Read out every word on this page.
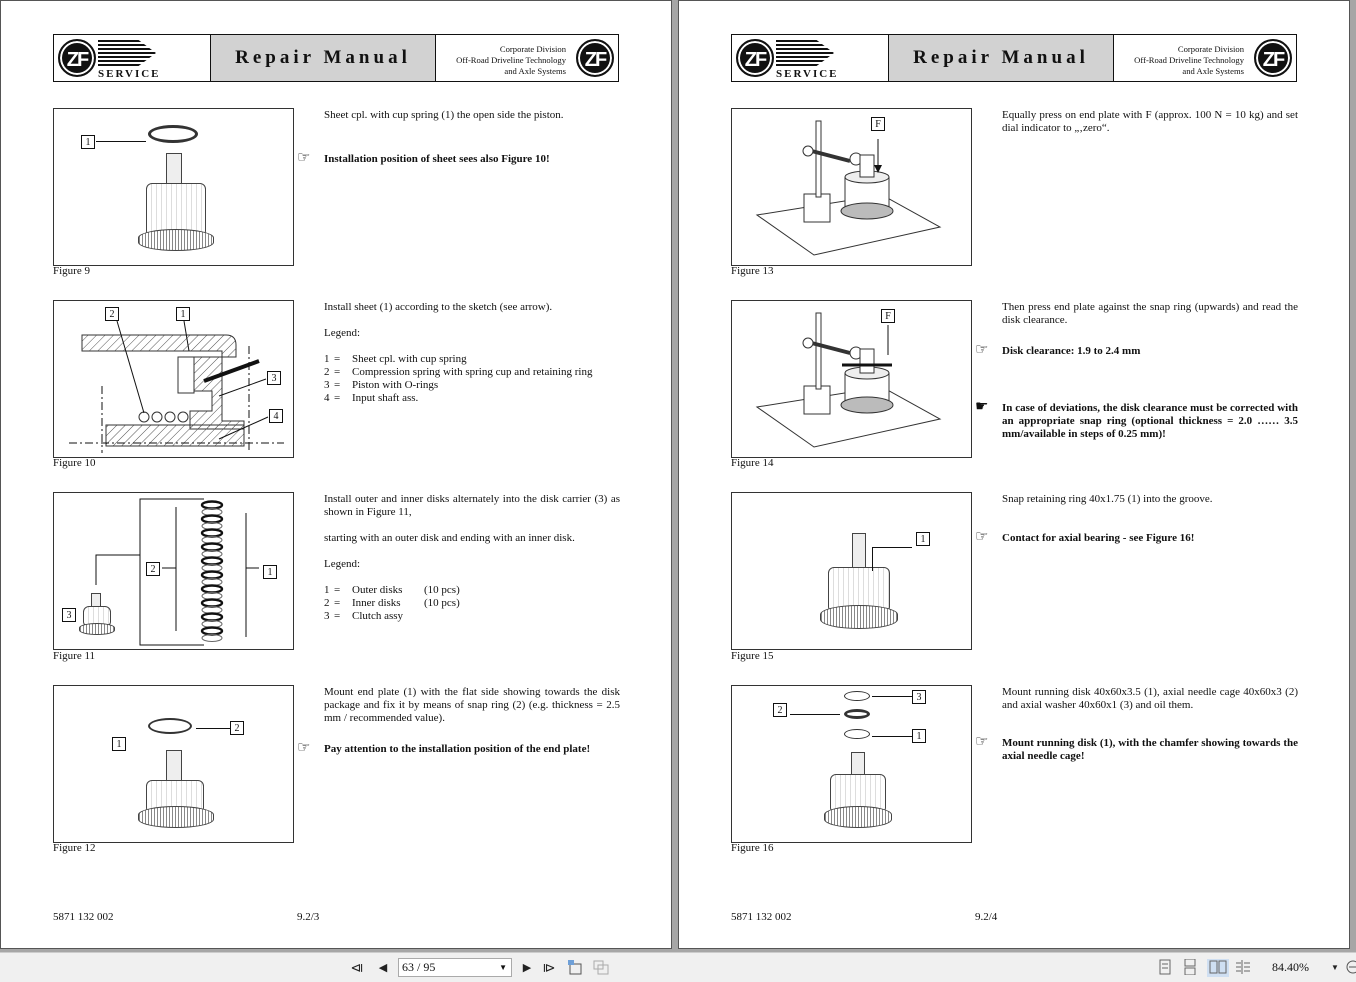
ZF
SERVICE
Repair Manual	Corporate Division
Off-Road Driveline Technology
and Axle Systems ZF
1
Figure 9
Sheet cpl. with cup spring (1) the open side the piston.
☞ Installation position of sheet sees also Figure 10!
2	1
3
4
Figure 10
Install sheet (1) according to the sketch (see arrow).
Legend:
1 =	Sheet cpl. with cup spring
2 =	Compression spring with spring cup and retaining ring
3 =	Piston with O-rings
4 =	Input shaft ass.
2	1
3
Figure 11
Install outer and inner disks alternately into the disk carrier (3) as shown in Figure 11,
starting with an outer disk and ending with an inner disk.
Legend:
1 =	Outer disks	(10 pcs)
2 =	Inner disks	(10 pcs)
3 =	Clutch assy
2
1
Figure 12
Mount end plate (1) with the flat side showing towards the disk package and fix it by means of snap ring (2) (e.g. thickness = 2.5 mm / recommended value).
☞ Pay attention to the installation position of the end plate!
5871 132 002	9.2/3
ZF
SERVICE
Repair Manual	Corporate Division
Off-Road Driveline Technology
and Axle Systems ZF
F
Figure 13
Equally press on end plate with F (approx. 100 N = 10 kg) and set dial indicator to „‚zero“.
F
Figure 14
Then press end plate against the snap ring (upwards) and read the disk clearance.
☞ Disk clearance: 1.9 to 2.4 mm
☛ In case of deviations, the disk clearance must be corrected with an appropriate snap ring (optional thickness = 2.0 …… 3.5 mm/available in steps of 0.25 mm)!
1
Figure 15
Snap retaining ring 40x1.75 (1) into the groove.
☞ Contact for axial bearing - see Figure 16!
3
2
1
Figure 16
Mount running disk 40x60x3.5 (1), axial needle cage 40x60x3 (2) and axial washer 40x60x1 (3) and oil them.
☞ Mount running disk (1), with the chamfer showing towards the axial needle cage!
5871 132 002	9.2/4
⧏	◀	▶ ⧐	▼
63 / 95	▼	84.40%
